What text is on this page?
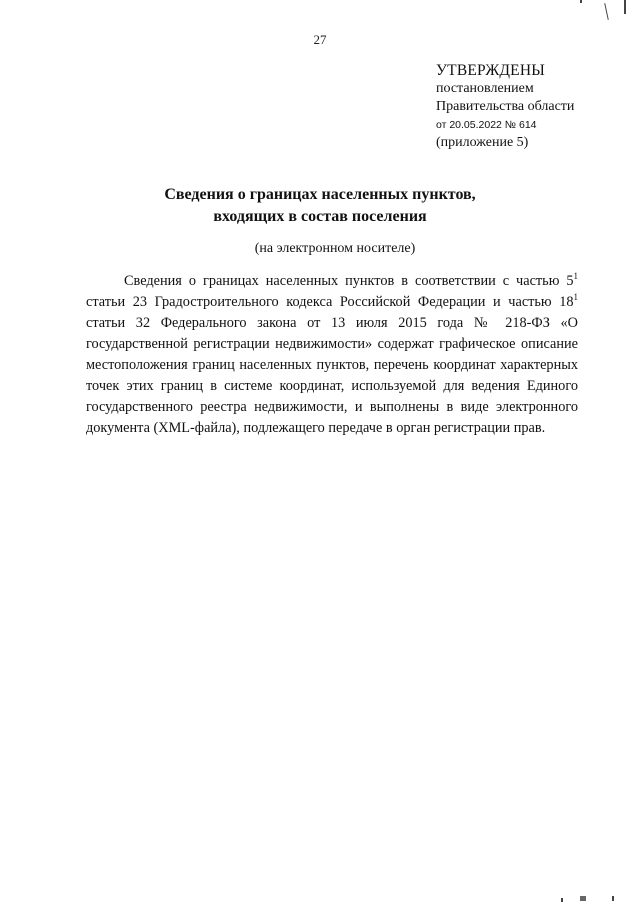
27
УТВЕРЖДЕНЫ
постановлением
Правительства области
от 20.05.2022 № 614
(приложение 5)
Сведения о границах населенных пунктов,
входящих в состав поселения
(на электронном носителе)
Сведения о границах населенных пунктов в соответствии с частью $5^1$ статьи 23 Градостроительного кодекса Российской Федерации и частью $18^1$ статьи 32 Федерального закона от 13 июля 2015 года № 218-ФЗ «О государственной регистрации недвижимости» содержат графическое описание местоположения границ населенных пунктов, перечень координат характерных точек этих границ в системе координат, используемой для ведения Единого государственного реестра недвижимости, и выполнены в виде электронного документа (XML-файла), подлежащего передаче в орган регистрации прав.
